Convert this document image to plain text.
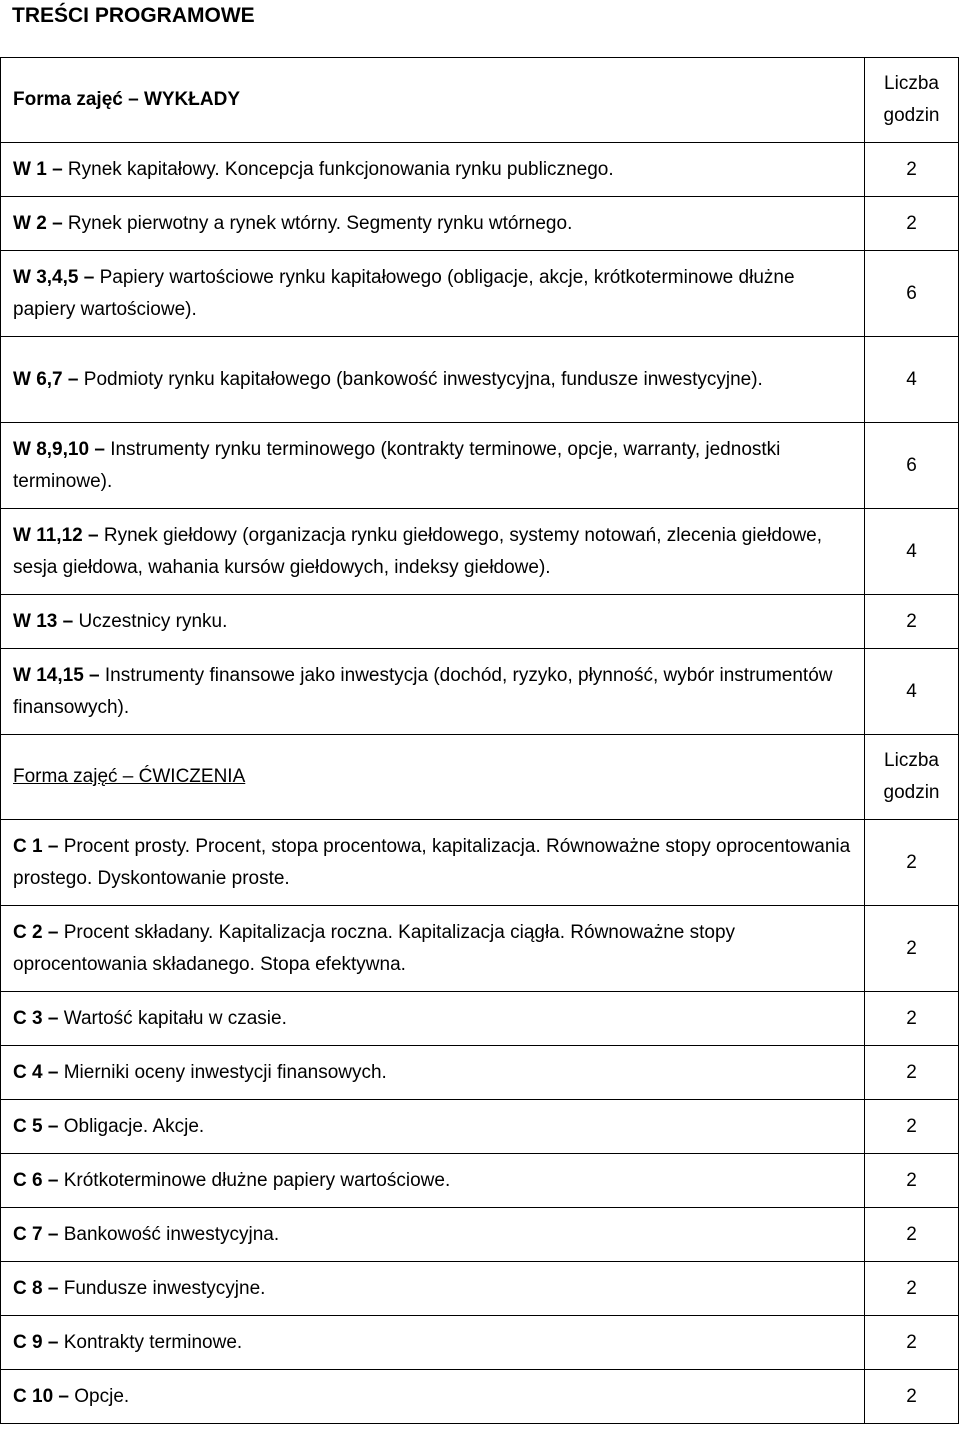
TREŚCI PROGRAMOWE
Forma zajęć – WYKŁADY	Liczba
godzin
W 1 – Rynek kapitałowy. Koncepcja funkcjonowania rynku publicznego.	2
W 2 – Rynek pierwotny a rynek wtórny. Segmenty rynku wtórnego.	2
W 3,4,5 – Papiery wartościowe rynku kapitałowego (obligacje, akcje, krótkoterminowe dłużne papiery wartościowe).	6
W 6,7 – Podmioty rynku kapitałowego (bankowość inwestycyjna, fundusze inwestycyjne).	4
W 8,9,10 – Instrumenty rynku terminowego (kontrakty terminowe, opcje, warranty, jednostki terminowe).	6
W 11,12 – Rynek giełdowy (organizacja rynku giełdowego, systemy notowań, zlecenia giełdowe, sesja giełdowa, wahania kursów giełdowych, indeksy giełdowe).	4
W 13 – Uczestnicy rynku.	2
W 14,15 – Instrumenty finansowe jako inwestycja (dochód, ryzyko, płynność, wybór instrumentów finansowych).	4
Forma zajęć – ĆWICZENIA	Liczba
godzin
C 1 – Procent prosty. Procent, stopa procentowa, kapitalizacja. Równoważne stopy oprocentowania prostego. Dyskontowanie proste.	2
C 2 – Procent składany. Kapitalizacja roczna. Kapitalizacja ciągła. Równoważne stopy oprocentowania składanego. Stopa efektywna.	2
C 3 – Wartość kapitału w czasie.	2
C 4 – Mierniki oceny inwestycji finansowych.	2
C 5 – Obligacje. Akcje.	2
C 6 – Krótkoterminowe dłużne papiery wartościowe.	2
C 7 – Bankowość inwestycyjna.	2
C 8 – Fundusze inwestycyjne.	2
C 9 – Kontrakty terminowe.	2
C 10 – Opcje.	2
